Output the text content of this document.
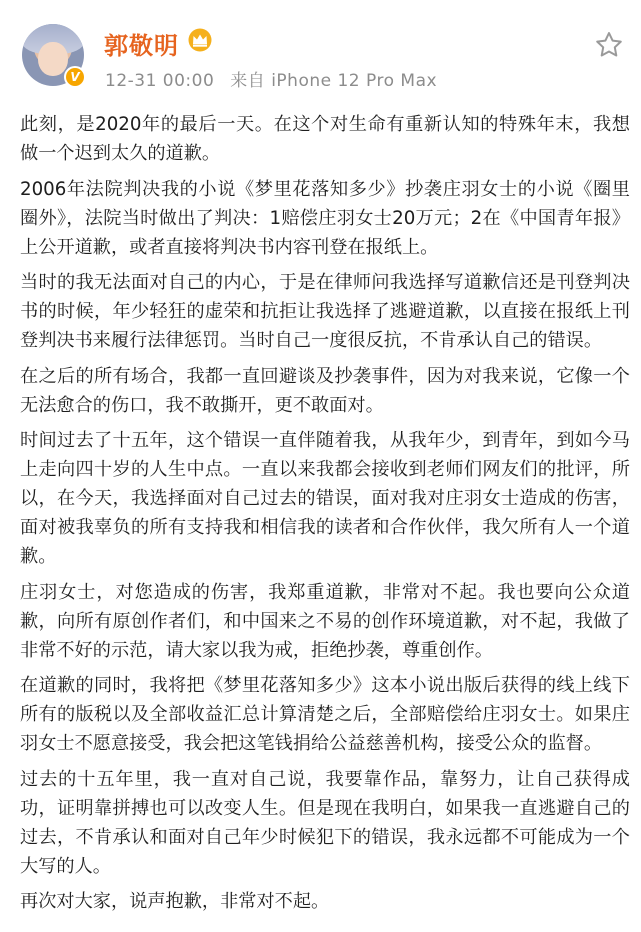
V
郭敬明
12-31 00:00 来自 iPhone 12 Pro Max

此刻，是2020年的最后一天。在这个对生命有重新认知的特殊年末，我想做一个迟到太久的道歉。

2006年法院判决我的小说《梦里花落知多少》抄袭庄羽女士的小说《圈里圈外》，法院当时做出了判决：1赔偿庄羽女士20万元；2在《中国青年报》上公开道歉，或者直接将判决书内容刊登在报纸上。

当时的我无法面对自己的内心，于是在律师问我选择写道歉信还是刊登判决书的时候，年少轻狂的虚荣和抗拒让我选择了逃避道歉，以直接在报纸上刊登判决书来履行法律惩罚。当时自己一度很反抗，不肯承认自己的错误。

在之后的所有场合，我都一直回避谈及抄袭事件，因为对我来说，它像一个无法愈合的伤口，我不敢撕开，更不敢面对。

时间过去了十五年，这个错误一直伴随着我，从我年少，到青年，到如今马上走向四十岁的人生中点。一直以来我都会接收到老师们网友们的批评，所以，在今天，我选择面对自己过去的错误，面对我对庄羽女士造成的伤害，面对被我辜负的所有支持我和相信我的读者和合作伙伴，我欠所有人一个道歉。

庄羽女士，对您造成的伤害，我郑重道歉，非常对不起。我也要向公众道歉，向所有原创作者们，和中国来之不易的创作环境道歉，对不起，我做了非常不好的示范，请大家以我为戒，拒绝抄袭，尊重创作。

在道歉的同时，我将把《梦里花落知多少》这本小说出版后获得的线上线下所有的版税以及全部收益汇总计算清楚之后，全部赔偿给庄羽女士。如果庄羽女士不愿意接受，我会把这笔钱捐给公益慈善机构，接受公众的监督。

过去的十五年里，我一直对自己说，我要靠作品，靠努力，让自己获得成功，证明靠拼搏也可以改变人生。但是现在我明白，如果我一直逃避自己的过去，不肯承认和面对自己年少时候犯下的错误，我永远都不可能成为一个大写的人。

再次对大家，说声抱歉，非常对不起。
